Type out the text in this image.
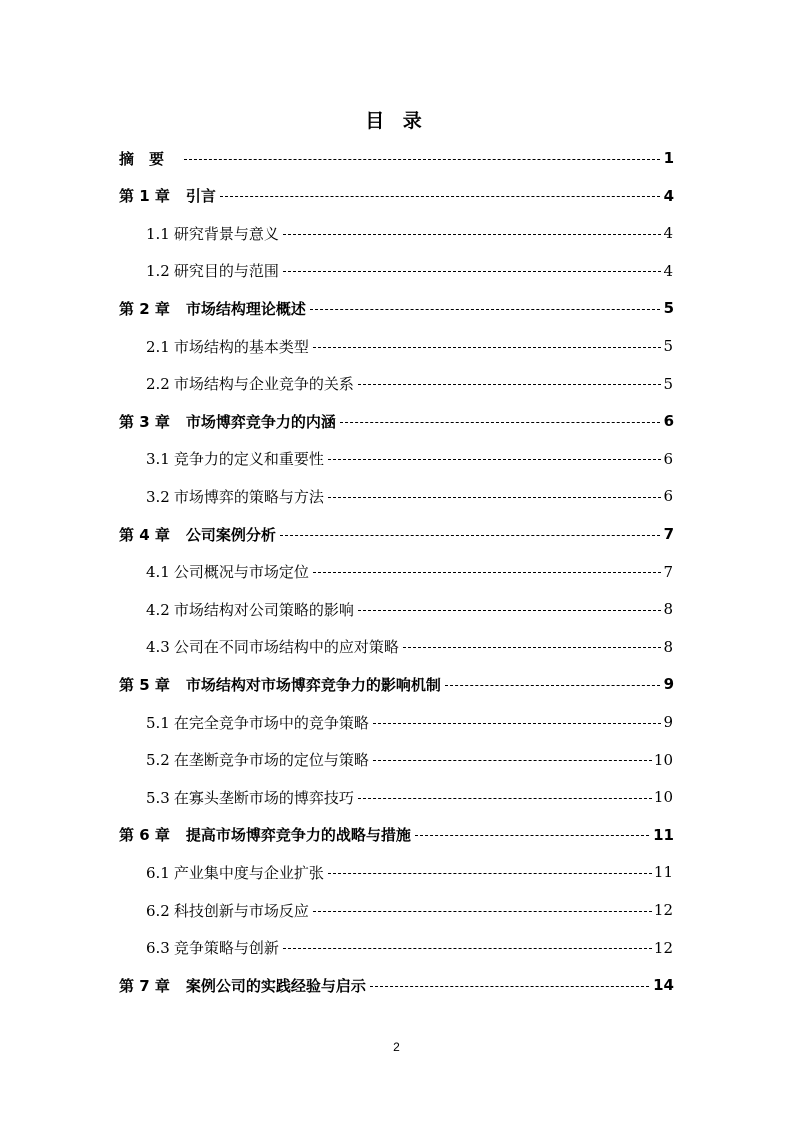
目 录
摘　要	1
第 1 章 引言	4
1.1 研究背景与意义	4
1.2 研究目的与范围	4
第 2 章 市场结构理论概述	5
2.1 市场结构的基本类型	5
2.2 市场结构与企业竞争的关系	5
第 3 章 市场博弈竞争力的内涵	6
3.1 竞争力的定义和重要性	6
3.2 市场博弈的策略与方法	6
第 4 章 公司案例分析	7
4.1 公司概况与市场定位	7
4.2 市场结构对公司策略的影响	8
4.3 公司在不同市场结构中的应对策略	8
第 5 章 市场结构对市场博弈竞争力的影响机制	9
5.1 在完全竞争市场中的竞争策略	9
5.2 在垄断竞争市场的定位与策略	10
5.3 在寡头垄断市场的博弈技巧	10
第 6 章 提高市场博弈竞争力的战略与措施	11
6.1 产业集中度与企业扩张	11
6.2 科技创新与市场反应	12
6.3 竞争策略与创新	12
第 7 章 案例公司的实践经验与启示	14
2
